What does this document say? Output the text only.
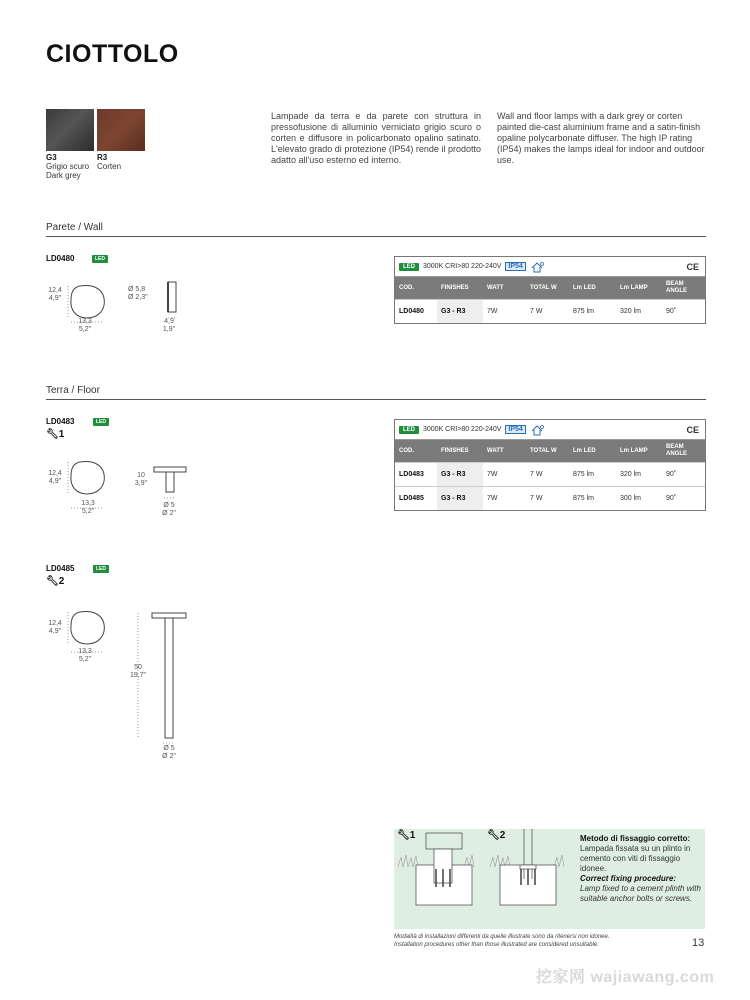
CIOTTOLO
G3
Grigio scuro
Dark grey
R3
Corten
Lampade da terra e da parete con struttura in pressofusione di alluminio verniciato grigio scuro o corten e diffusore in policarbonato opalino satinato. L'elevato grado di protezione (IP54) rende il prodotto adatto all'uso esterno ed interno.
Wall and floor lamps with a dark grey or corten painted die-cast aluminium frame and a satin-finish opaline polycarbonate diffuser. The high IP rating (IP54) makes the lamps ideal for indoor and outdoor use.
Parete / Wall
LD0480	LED
12,4
4,9"
13,3
5,2"
Ø 5,8
Ø 2,3"
4,9
1,9"
LED	3000K CRI>80 220-240V	IP54	CE
COD.	FINISHES	WATT	TOTAL W	Lm LED	Lm LAMP	BEAM ANGLE
LD0480	G3 - R3	7W	7 W	875 lm	320 lm	90˚
Terra / Floor
LD0483	LED
🔧︎1
12,4
4,9"
13,3
5,2"
10
3,9"
Ø 5
Ø 2"
LED	3000K CRI>80 220-240V	IP54	CE
COD.	FINISHES	WATT	TOTAL W	Lm LED	Lm LAMP	BEAM ANGLE
LD0483	G3 - R3	7W	7 W	875 lm	320 lm	90˚
LD0485	G3 - R3	7W	7 W	875 lm	300 lm	90˚
LD0485	LED
🔧︎2
12,4
4,9"
13,3
5,2"
50
19,7"
Ø 5
Ø 2"
🔧︎1	🔧︎2	Metodo di fissaggio corretto:
Lampada fissata su un plinto in cemento con viti di fissaggio idonee.
Correct fixing procedure:
Lamp fixed to a cement plinth with suitable anchor bolts or screws.
Modalità di installazioni differenti da quelle illustrate sono da ritenersi non idonee.
Installation procedures other than those illustrated are considered unsuitable.	13
挖家网 wajiawang.com
